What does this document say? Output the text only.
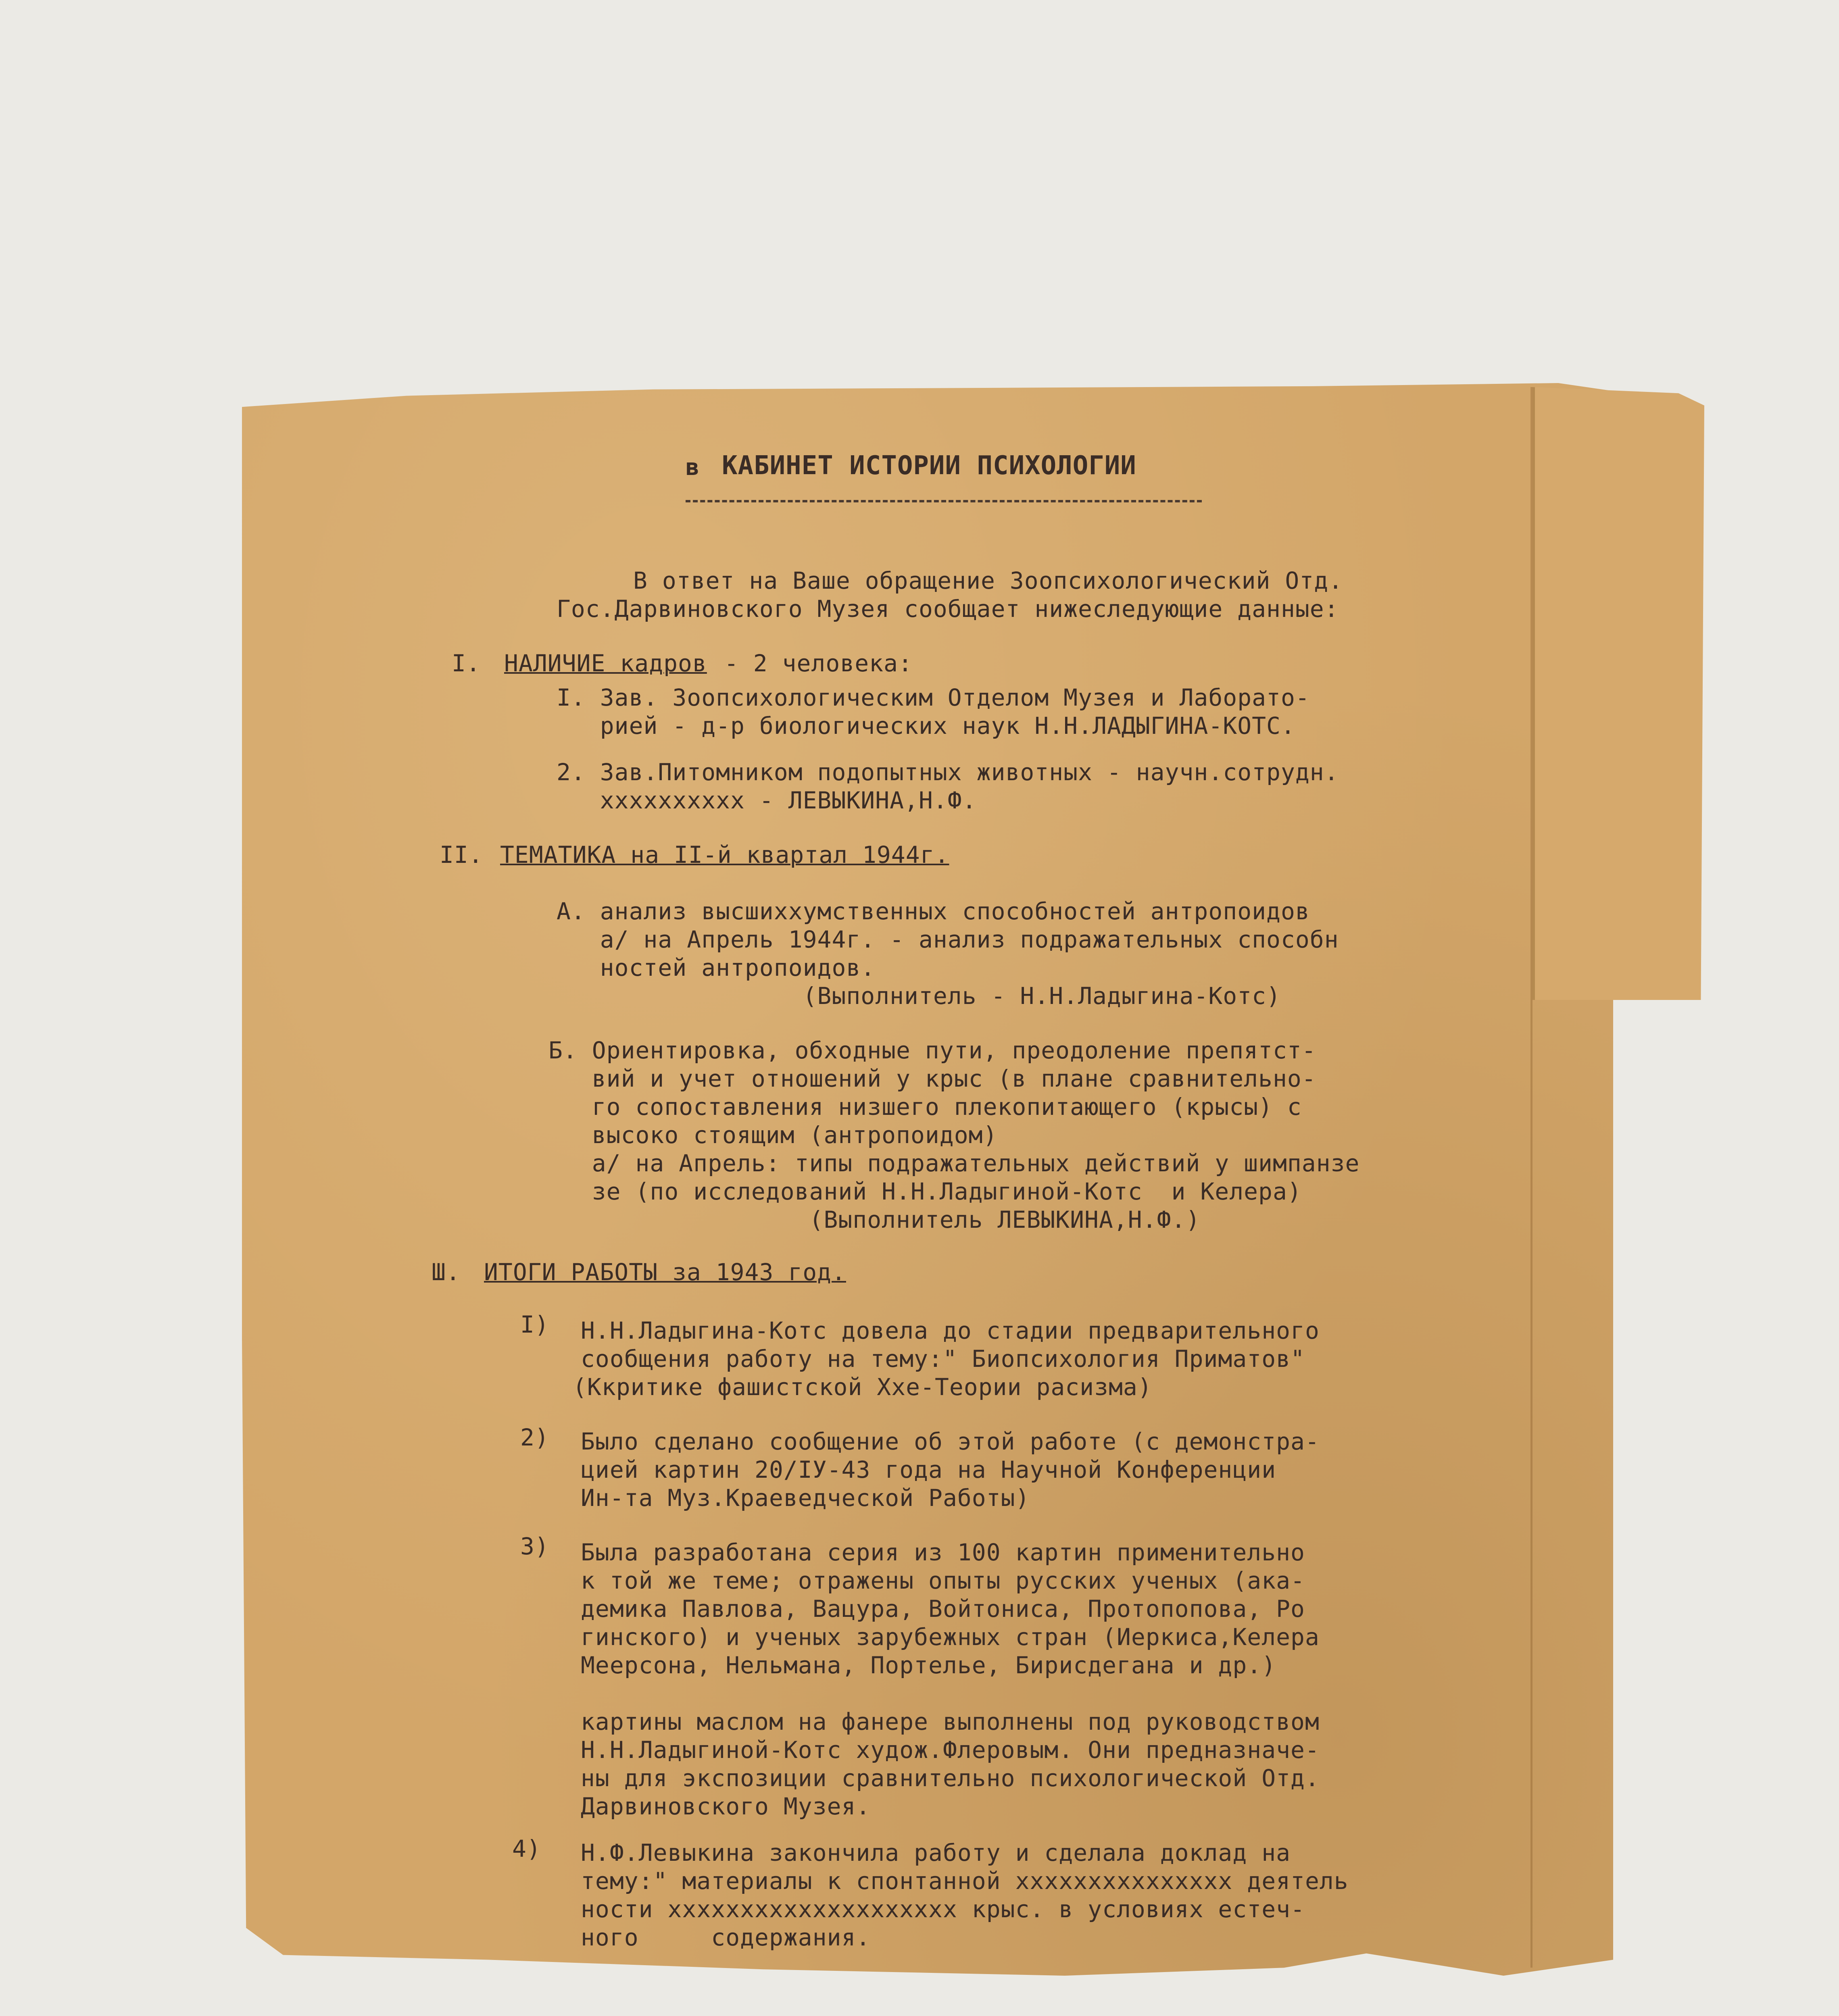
в КАБИНЕТ ИСТОРИИ ПСИХОЛОГИИ
В ответ на Ваше обращение Зоопсихологический Отд.
Гос.Дарвиновского Музея сообщает нижеследующие данные:
I. НАЛИЧИЕ кадров - 2 человека:
I. Зав. Зоопсихологическим Отделом Музея и Лаборато-
рией - д-р биологических наук Н.Н.ЛАДЫГИНА-КОТС.
2. Зав.Питомником подопытных животных - научн.сотрудн.
xxxxxxxxxx - ЛЕВЫКИНА,Н.Ф.
II. ТЕМАТИКА на II-й квартал 1944г.
А. анализ высшихxумственных способностей антропоидов
а/ на Апрель 1944г. - анализ подражательных способн
ностей антропоидов.
(Выполнитель - Н.Н.Ладыгина-Котс)
Б. Ориентировка, обходные пути, преодоление препятст-
вий и учет отношений у крыс (в плане сравнительно-
го сопоставления низшего плекопитающего (крысы) с
высоко стоящим (антропоидом)
а/ на Апрель: типы подражательных действий у шимпанзе
зе (по исследований Н.Н.Ладыгиной-Котс  и Келера)
(Выполнитель ЛЕВЫКИНА,Н.Ф.)
Ш. ИТОГИ РАБОТЫ за 1943 год.
I) Н.Н.Ладыгина-Котс довела до стадии предварительного
сообщения работу на тему:" Биопсихология Приматов"
(Ккритике фашистской Ххе-Теории расизма)
2) Было сделано сообщение об этой работе (с демонстра-
цией картин 20/IУ-43 года на Научной Конференции
Ин-та Муз.Краеведческой Работы)
3) Была разработана серия из 100 картин применительно
к той же теме; отражены опыты русских ученых (ака-
демика Павлова, Вацура, Войтониса, Протопопова, Ро
гинского) и ученых зарубежных стран (Иеркиса,Келера
Меерсона, Нельмана, Портелье, Бирисдегана и др.)
картины маслом на фанере выполнены под руководством
Н.Н.Ладыгиной-Котс худож.Флеровым. Они предназначе-
ны для экспозиции сравнительно психологической Отд.
Дарвиновского Музея.
4) Н.Ф.Левыкина закончила работу и сделала доклад на
тему:" материалы к спонтанной xxxxxxxxxxxxxxx деятель
ности xxxxxxxxxxxxxxxxxxxx крыс. в условиях естеч-
ного     содержания.
